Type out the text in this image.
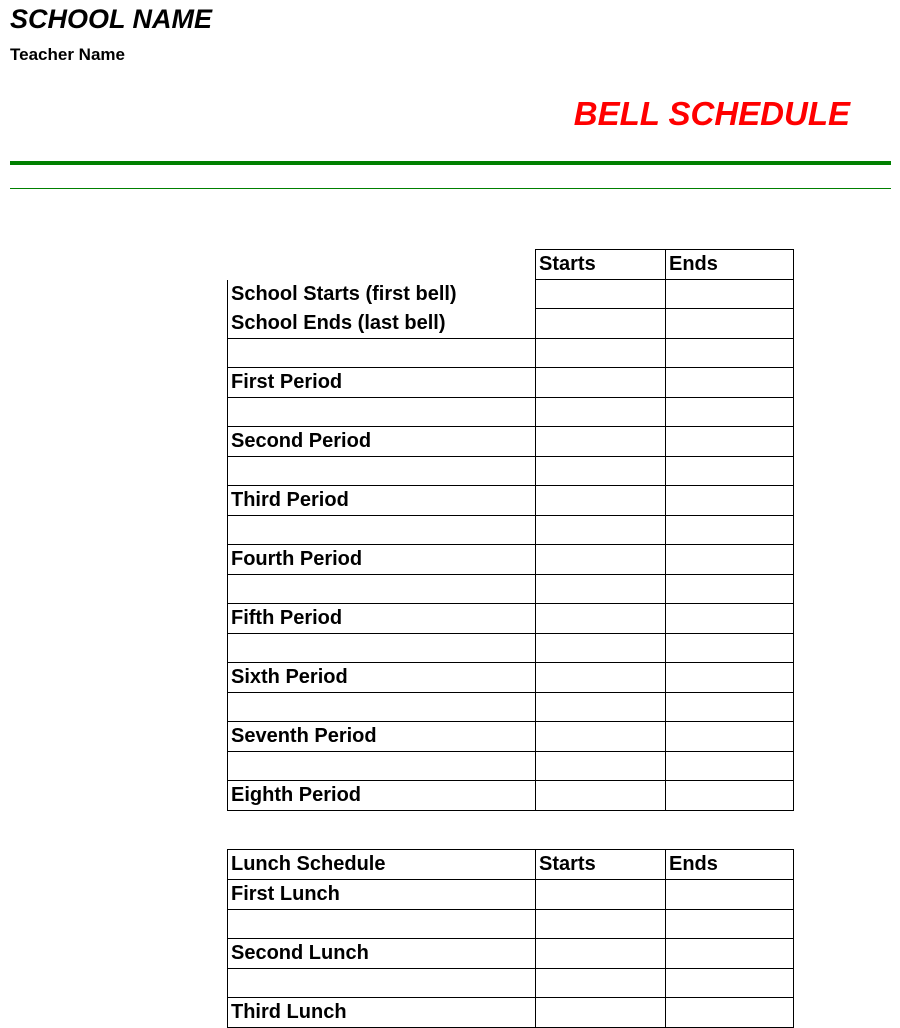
SCHOOL NAME
Teacher Name
BELL SCHEDULE
	Starts	Ends
School Starts (first bell)		
School Ends (last bell)		

First Period		

Second Period		

Third Period		

Fourth Period		

Fifth Period		

Sixth Period		

Seventh Period		

Eighth Period		
Lunch Schedule	Starts	Ends
First Lunch		

Second Lunch		

Third Lunch		
